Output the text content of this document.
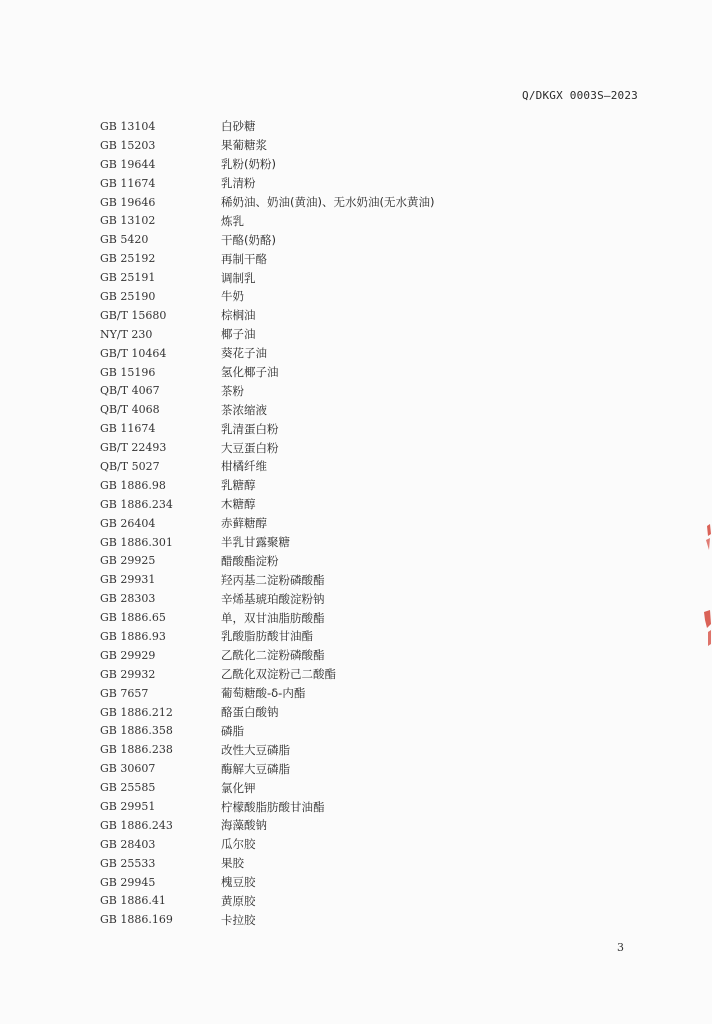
Q/DKGX 0003S—2023
GB 13104	白砂糖
GB 15203	果葡糖浆
GB 19644	乳粉(奶粉)
GB 11674	乳清粉
GB 19646	稀奶油、奶油(黄油)、无水奶油(无水黄油)
GB 13102	炼乳
GB 5420	干酪(奶酪)
GB 25192	再制干酪
GB 25191	调制乳
GB 25190	牛奶
GB/T 15680	棕榈油
NY/T 230	椰子油
GB/T 10464	葵花子油
GB 15196	氢化椰子油
QB/T 4067	茶粉
QB/T 4068	茶浓缩液
GB 11674	乳清蛋白粉
GB/T 22493	大豆蛋白粉
QB/T 5027	柑橘纤维
GB 1886.98	乳糖醇
GB 1886.234	木糖醇
GB 26404	赤藓糖醇
GB 1886.301	半乳甘露聚糖
GB 29925	醋酸酯淀粉
GB 29931	羟丙基二淀粉磷酸酯
GB 28303	辛烯基琥珀酸淀粉钠
GB 1886.65	单，双甘油脂肪酸酯
GB 1886.93	乳酸脂肪酸甘油酯
GB 29929	乙酰化二淀粉磷酸酯
GB 29932	乙酰化双淀粉己二酸酯
GB 7657	葡萄糖酸-δ-内酯
GB 1886.212	酪蛋白酸钠
GB 1886.358	磷脂
GB 1886.238	改性大豆磷脂
GB 30607	酶解大豆磷脂
GB 25585	氯化钾
GB 29951	柠檬酸脂肪酸甘油酯
GB 1886.243	海藻酸钠
GB 28403	瓜尔胶
GB 25533	果胶
GB 29945	槐豆胶
GB 1886.41	黄原胶
GB 1886.169	卡拉胶
3
